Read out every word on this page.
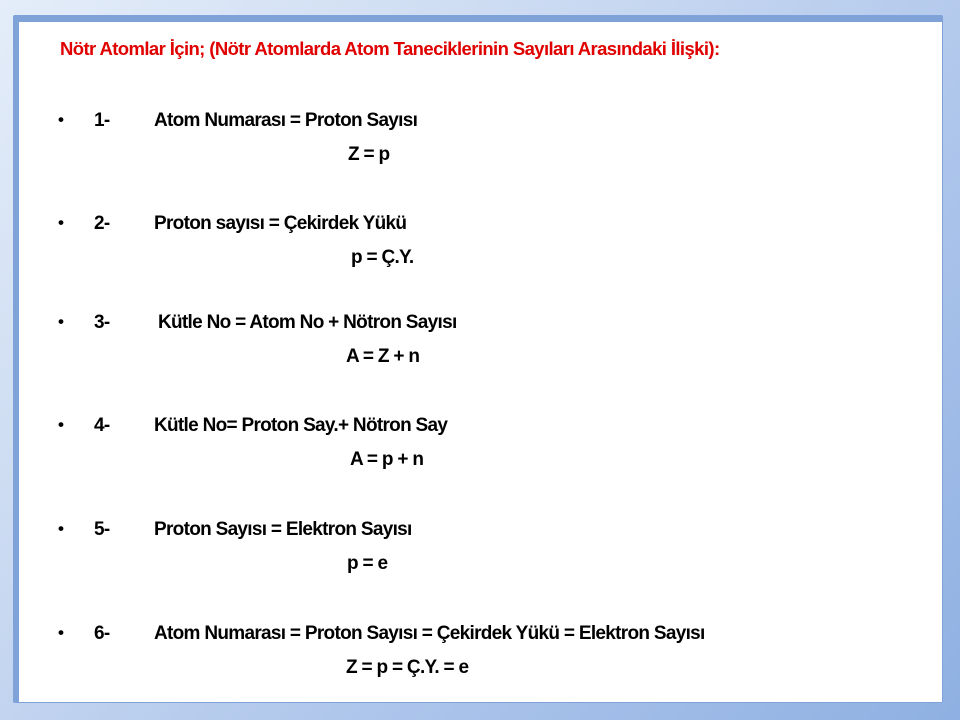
Nötr Atomlar İçin; (Nötr Atomlarda Atom Taneciklerinin Sayıları Arasındaki İlişki):
• 1- Atom Numarası = Proton Sayısı
Z = p
• 2- Proton sayısı = Çekirdek Yükü
p = Ç.Y.
• 3-	Kütle No = Atom No + Nötron Sayısı
A = Z + n
• 4- Kütle No= Proton Say.+ Nötron Say
A = p + n
• 5- Proton Sayısı = Elektron Sayısı
p = e
• 6- Atom Numarası = Proton Sayısı = Çekirdek Yükü = Elektron Sayısı
Z = p = Ç.Y. = e
